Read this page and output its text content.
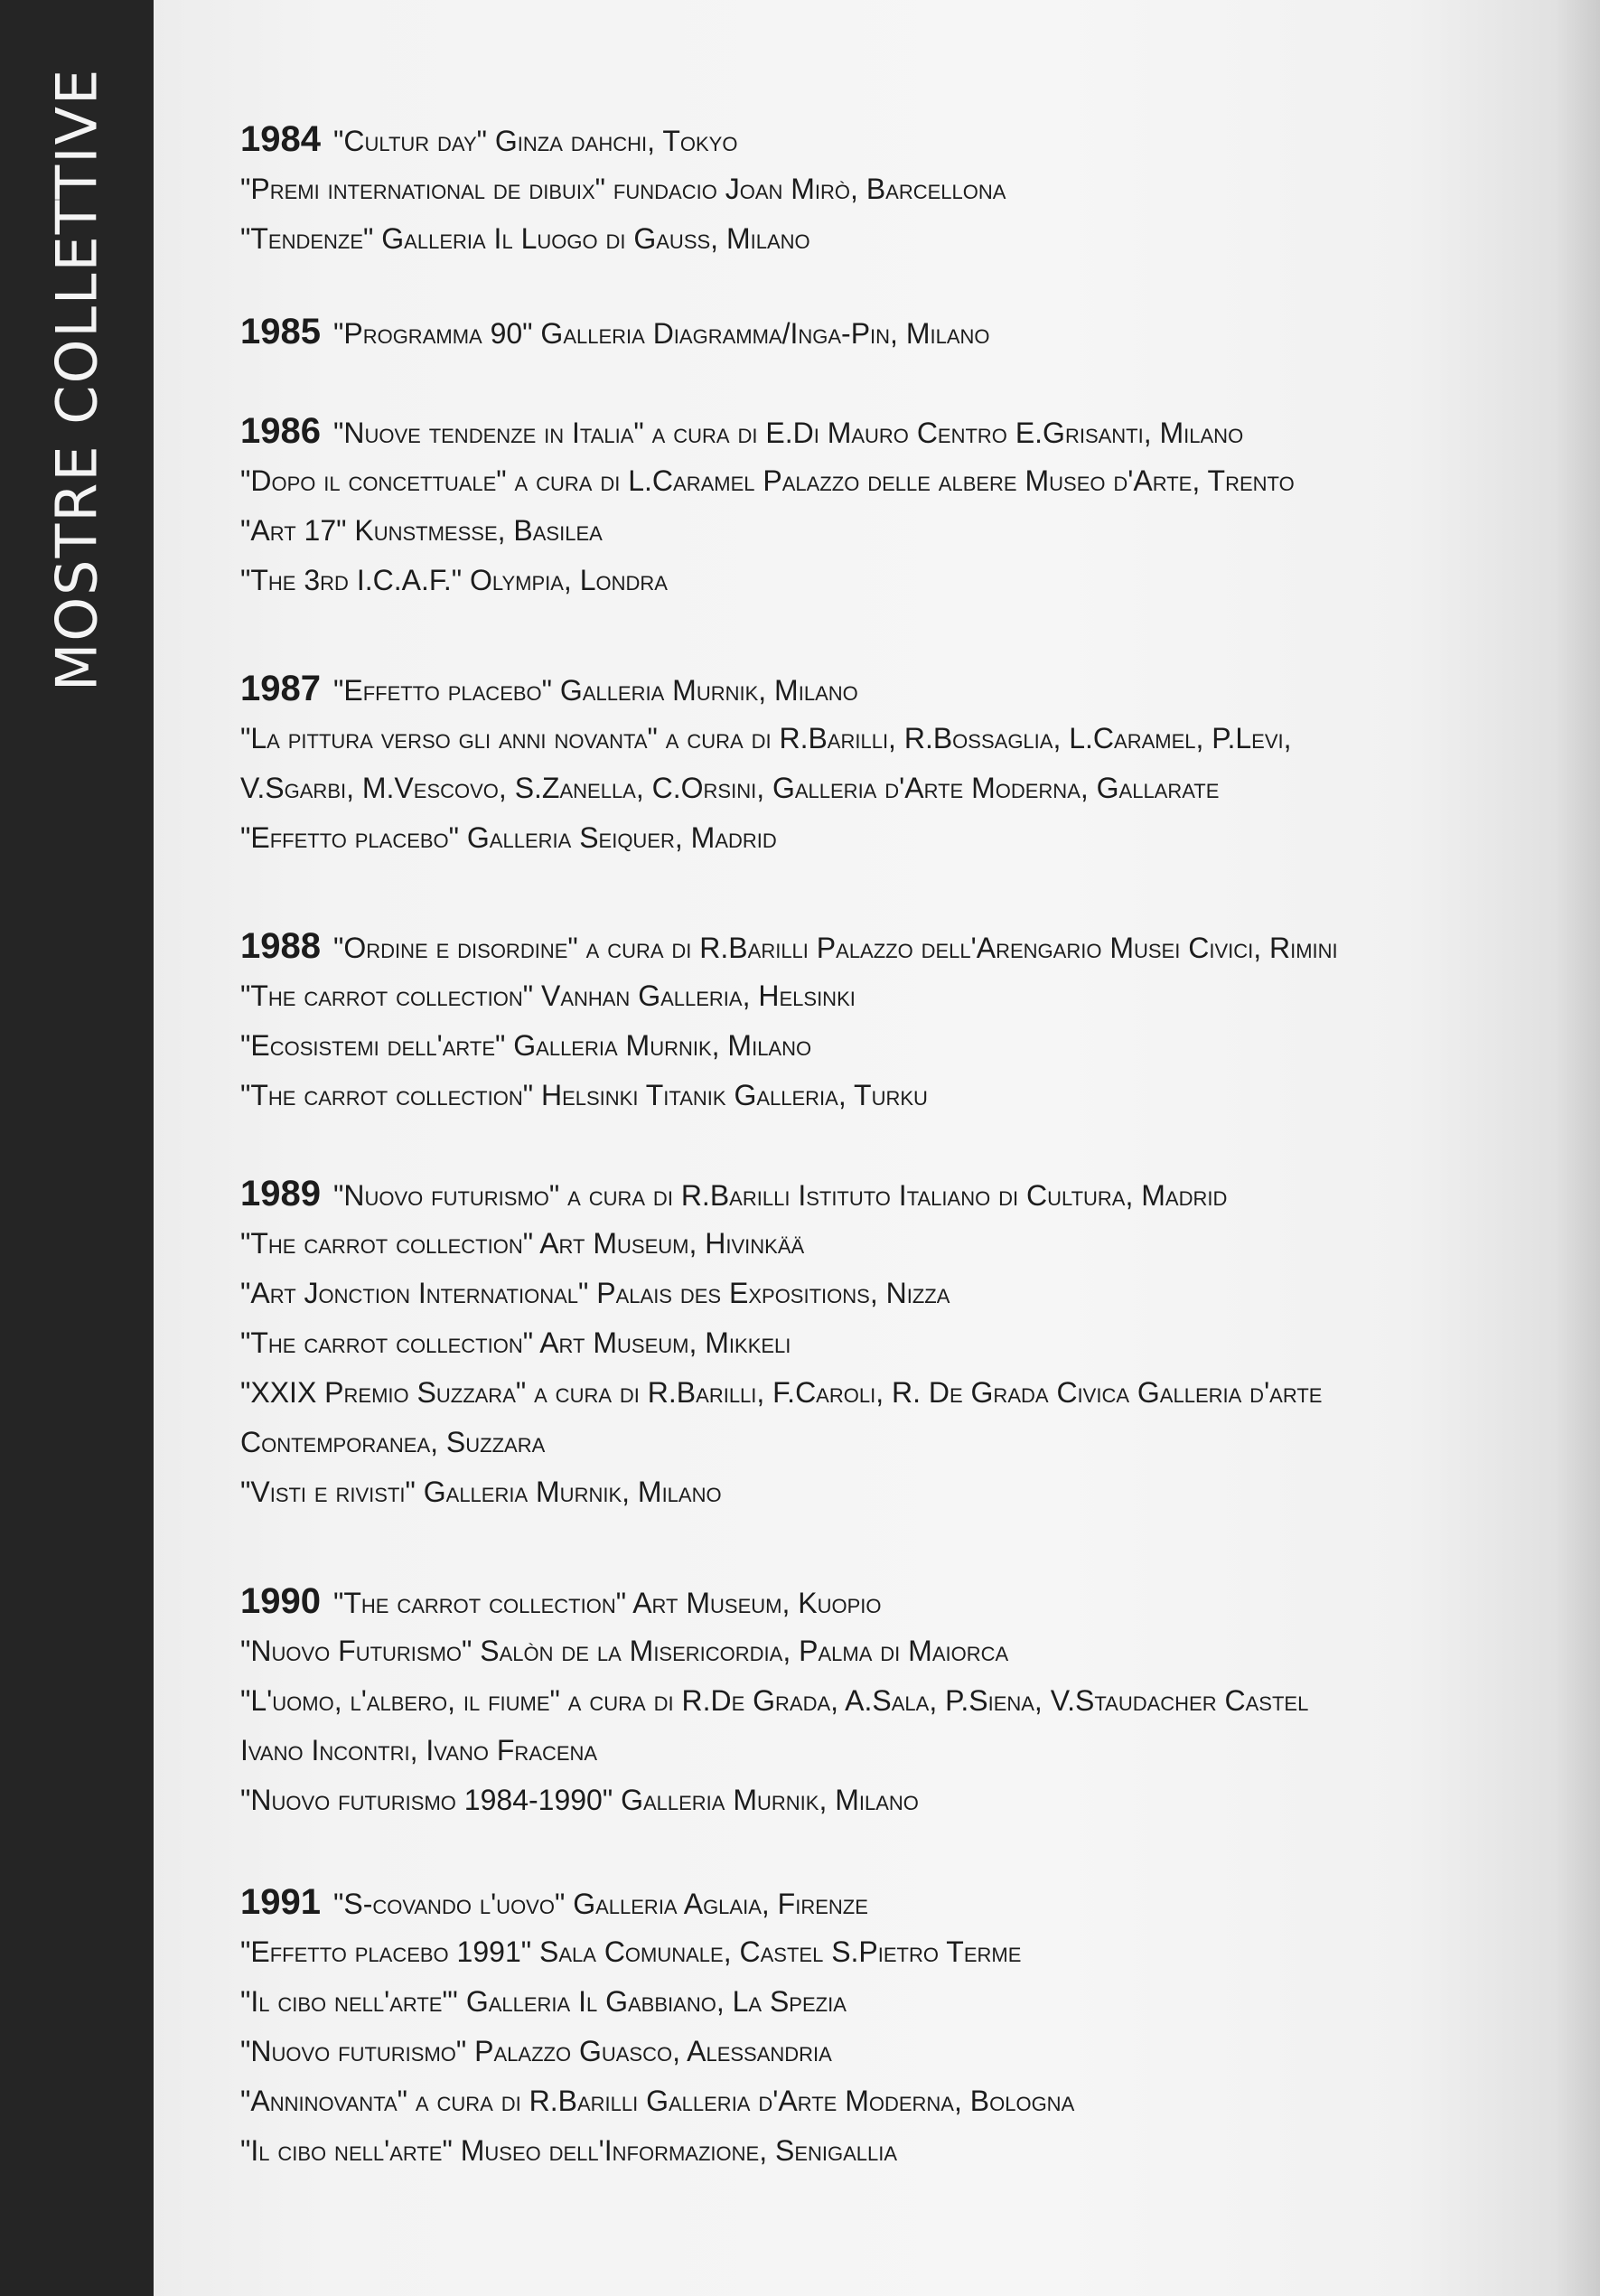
MOSTRE COLLETTIVE	1984 "Cultur day" Ginza dahchi, Tokyo
"Premi international de dibuix" fundacio Joan Mirò, Barcellona
"Tendenze" Galleria Il Luogo di Gauss, Milano
1985 "Programma 90" Galleria Diagramma/Inga-Pin, Milano
1986 "Nuove tendenze in Italia" a cura di E.Di Mauro Centro E.Grisanti, Milano
"Dopo il concettuale" a cura di L.Caramel Palazzo delle albere Museo d'Arte, Trento
"Art 17" Kunstmesse, Basilea
"The 3rd I.C.A.F." Olympia, Londra
1987 "Effetto placebo" Galleria Murnik, Milano
"La pittura verso gli anni novanta" a cura di R.Barilli, R.Bossaglia, L.Caramel, P.Levi,
V.Sgarbi, M.Vescovo, S.Zanella, C.Orsini, Galleria d'Arte Moderna, Gallarate
"Effetto placebo" Galleria Seiquer, Madrid
1988 "Ordine e disordine" a cura di R.Barilli Palazzo dell'Arengario Musei Civici, Rimini
"The carrot collection" Vanhan Galleria, Helsinki
"Ecosistemi dell'arte" Galleria Murnik, Milano
"The carrot collection" Helsinki Titanik Galleria, Turku
1989 "Nuovo futurismo" a cura di R.Barilli Istituto Italiano di Cultura, Madrid
"The carrot collection" Art Museum, Hivinkää
"Art Jonction International" Palais des Expositions, Nizza
"The carrot collection" Art Museum, Mikkeli
"XXIX Premio Suzzara" a cura di R.Barilli, F.Caroli, R. De Grada Civica Galleria d'arte
Contemporanea, Suzzara
"Visti e rivisti" Galleria Murnik, Milano
1990 "The carrot collection" Art Museum, Kuopio
"Nuovo Futurismo" Salòn de la Misericordia, Palma di Maiorca
"L'uomo, l'albero, il fiume" a cura di R.De Grada, A.Sala, P.Siena, V.Staudacher Castel
Ivano Incontri, Ivano Fracena
"Nuovo futurismo 1984-1990" Galleria Murnik, Milano
1991 "S-covando l'uovo" Galleria Aglaia, Firenze
"Effetto placebo 1991" Sala Comunale, Castel S.Pietro Terme
"Il cibo nell'arte"' Galleria Il Gabbiano, La Spezia
"Nuovo futurismo" Palazzo Guasco, Alessandria
"Anninovanta" a cura di R.Barilli Galleria d'Arte Moderna, Bologna
"Il cibo nell'arte" Museo dell'Informazione, Senigallia
